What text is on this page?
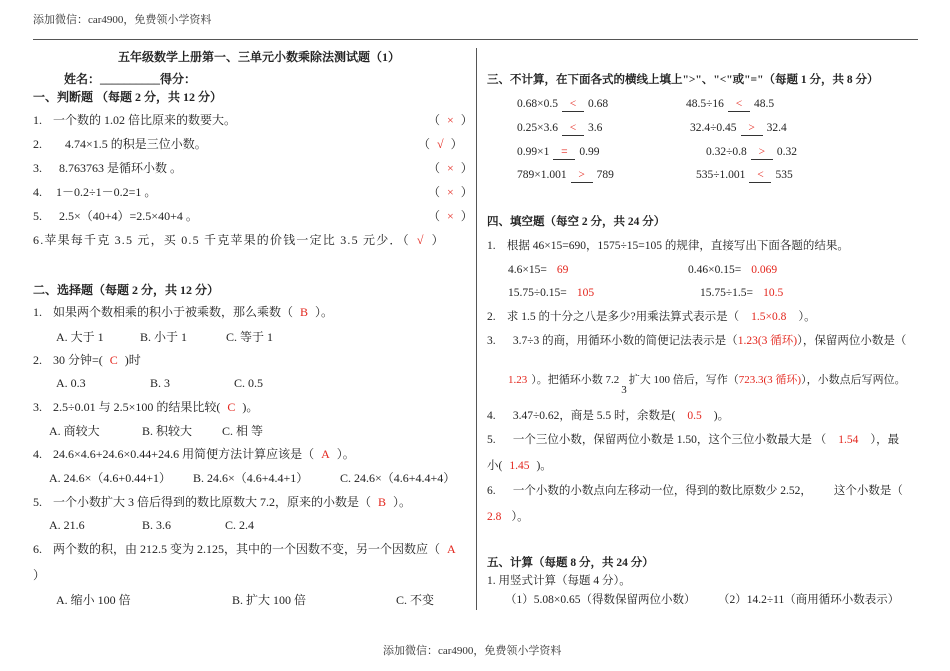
添加微信：car4900，免费领小学资料
五年级数学上册第一、三单元小数乘除法测试题（1）
姓名：__________得分：
一、判断题 （每题 2 分，共 12 分）
1. 一个数的 1.02 倍比原来的数要大。	（ × ）
2. 4.74×1.5 的积是三位小数。	（ √ ）
3. 8.763763 是循环小数 。	（ × ）
4. 1－0.2÷1－0.2=1 。	（ × ）
5. 2.5×（40+4）=2.5×40+4 。	（ × ）
6.苹果每千克 3.5 元，买 0.5 千克苹果的价钱一定比 3.5 元少．（ √ ）
二、选择题（每题 2 分，共 12 分）
1. 如果两个数相乘的积小于被乘数，那么乘数（ B ）。
A. 大于 1	B. 小于 1	C. 等于 1
2. 30 分钟=( C )时
A. 0.3	B. 3	C. 0.5
3. 2.5÷0.01 与 2.5×100 的结果比较( C )。
A. 商较大	B. 积较大 C. 相 等
4. 24.6×4.6+24.6×0.44+24.6 用简便方法计算应该是（ A ）。
A. 24.6×（4.6+0.44+1） B. 24.6×（4.6+4.4+1）	C. 24.6×（4.6+4.4+4）
5. 一个小数扩大 3 倍后得到的数比原数大 7.2，原来的小数是（ B ）。
A. 21.6	B. 3.6	C. 2.4
6. 两个数的积，由 212.5 变为 2.125，其中的一个因数不变，另一个因数应（ A
）
A. 缩小 100 倍	B. 扩大 100 倍	C. 不变
三、不计算，在下面各式的横线上填上">"、"<"或"="（每题 1 分，共 8 分）
0.68×0.5 < 0.68	48.5÷16 < 48.5
0.25×3.6 < 3.6	32.4÷0.45 > 32.4
0.99×1 = 0.99	0.32÷0.8 > 0.32
789×1.001 > 789	535÷1.001 < 535
四、填空题（每空 2 分，共 24 分）
1. 根据 46×15=690，1575÷15=105 的规律，直接写出下面各题的结果。
4.6×15= 69	0.46×0.15= 0.069
15.75÷0.15= 105	15.75÷1.5= 10.5
2. 求 1.5 的十分之八是多少?用乘法算式表示是（ 1.5×0.8 ）。
3. 3.7÷3 的商，用循环小数的简便记法表示是（1.23(3 循环)），保留两位小数是（
1.23 ）。把循环小数 7.23扩大 100 倍后，写作（723.3(3 循环)），小数点后写两位。
4. 3.47÷0.62，商是 5.5 时，余数是( 0.5 )。
5. 一个三位小数，保留两位小数是 1.50，这个三位小数最大是 （ 1.54 ），最
小( 1.45 )。
6. 一个小数的小数点向左移动一位，得到的数比原数少 2.52， 这个小数是（
2.8 ）。
五、计算（每题 8 分，共 24 分）
1. 用竖式计算（每题 4 分）。
（1）5.08×0.65（得数保留两位小数） （2）14.2÷11（商用循环小数表示）
添加微信：car4900，免费领小学资料
